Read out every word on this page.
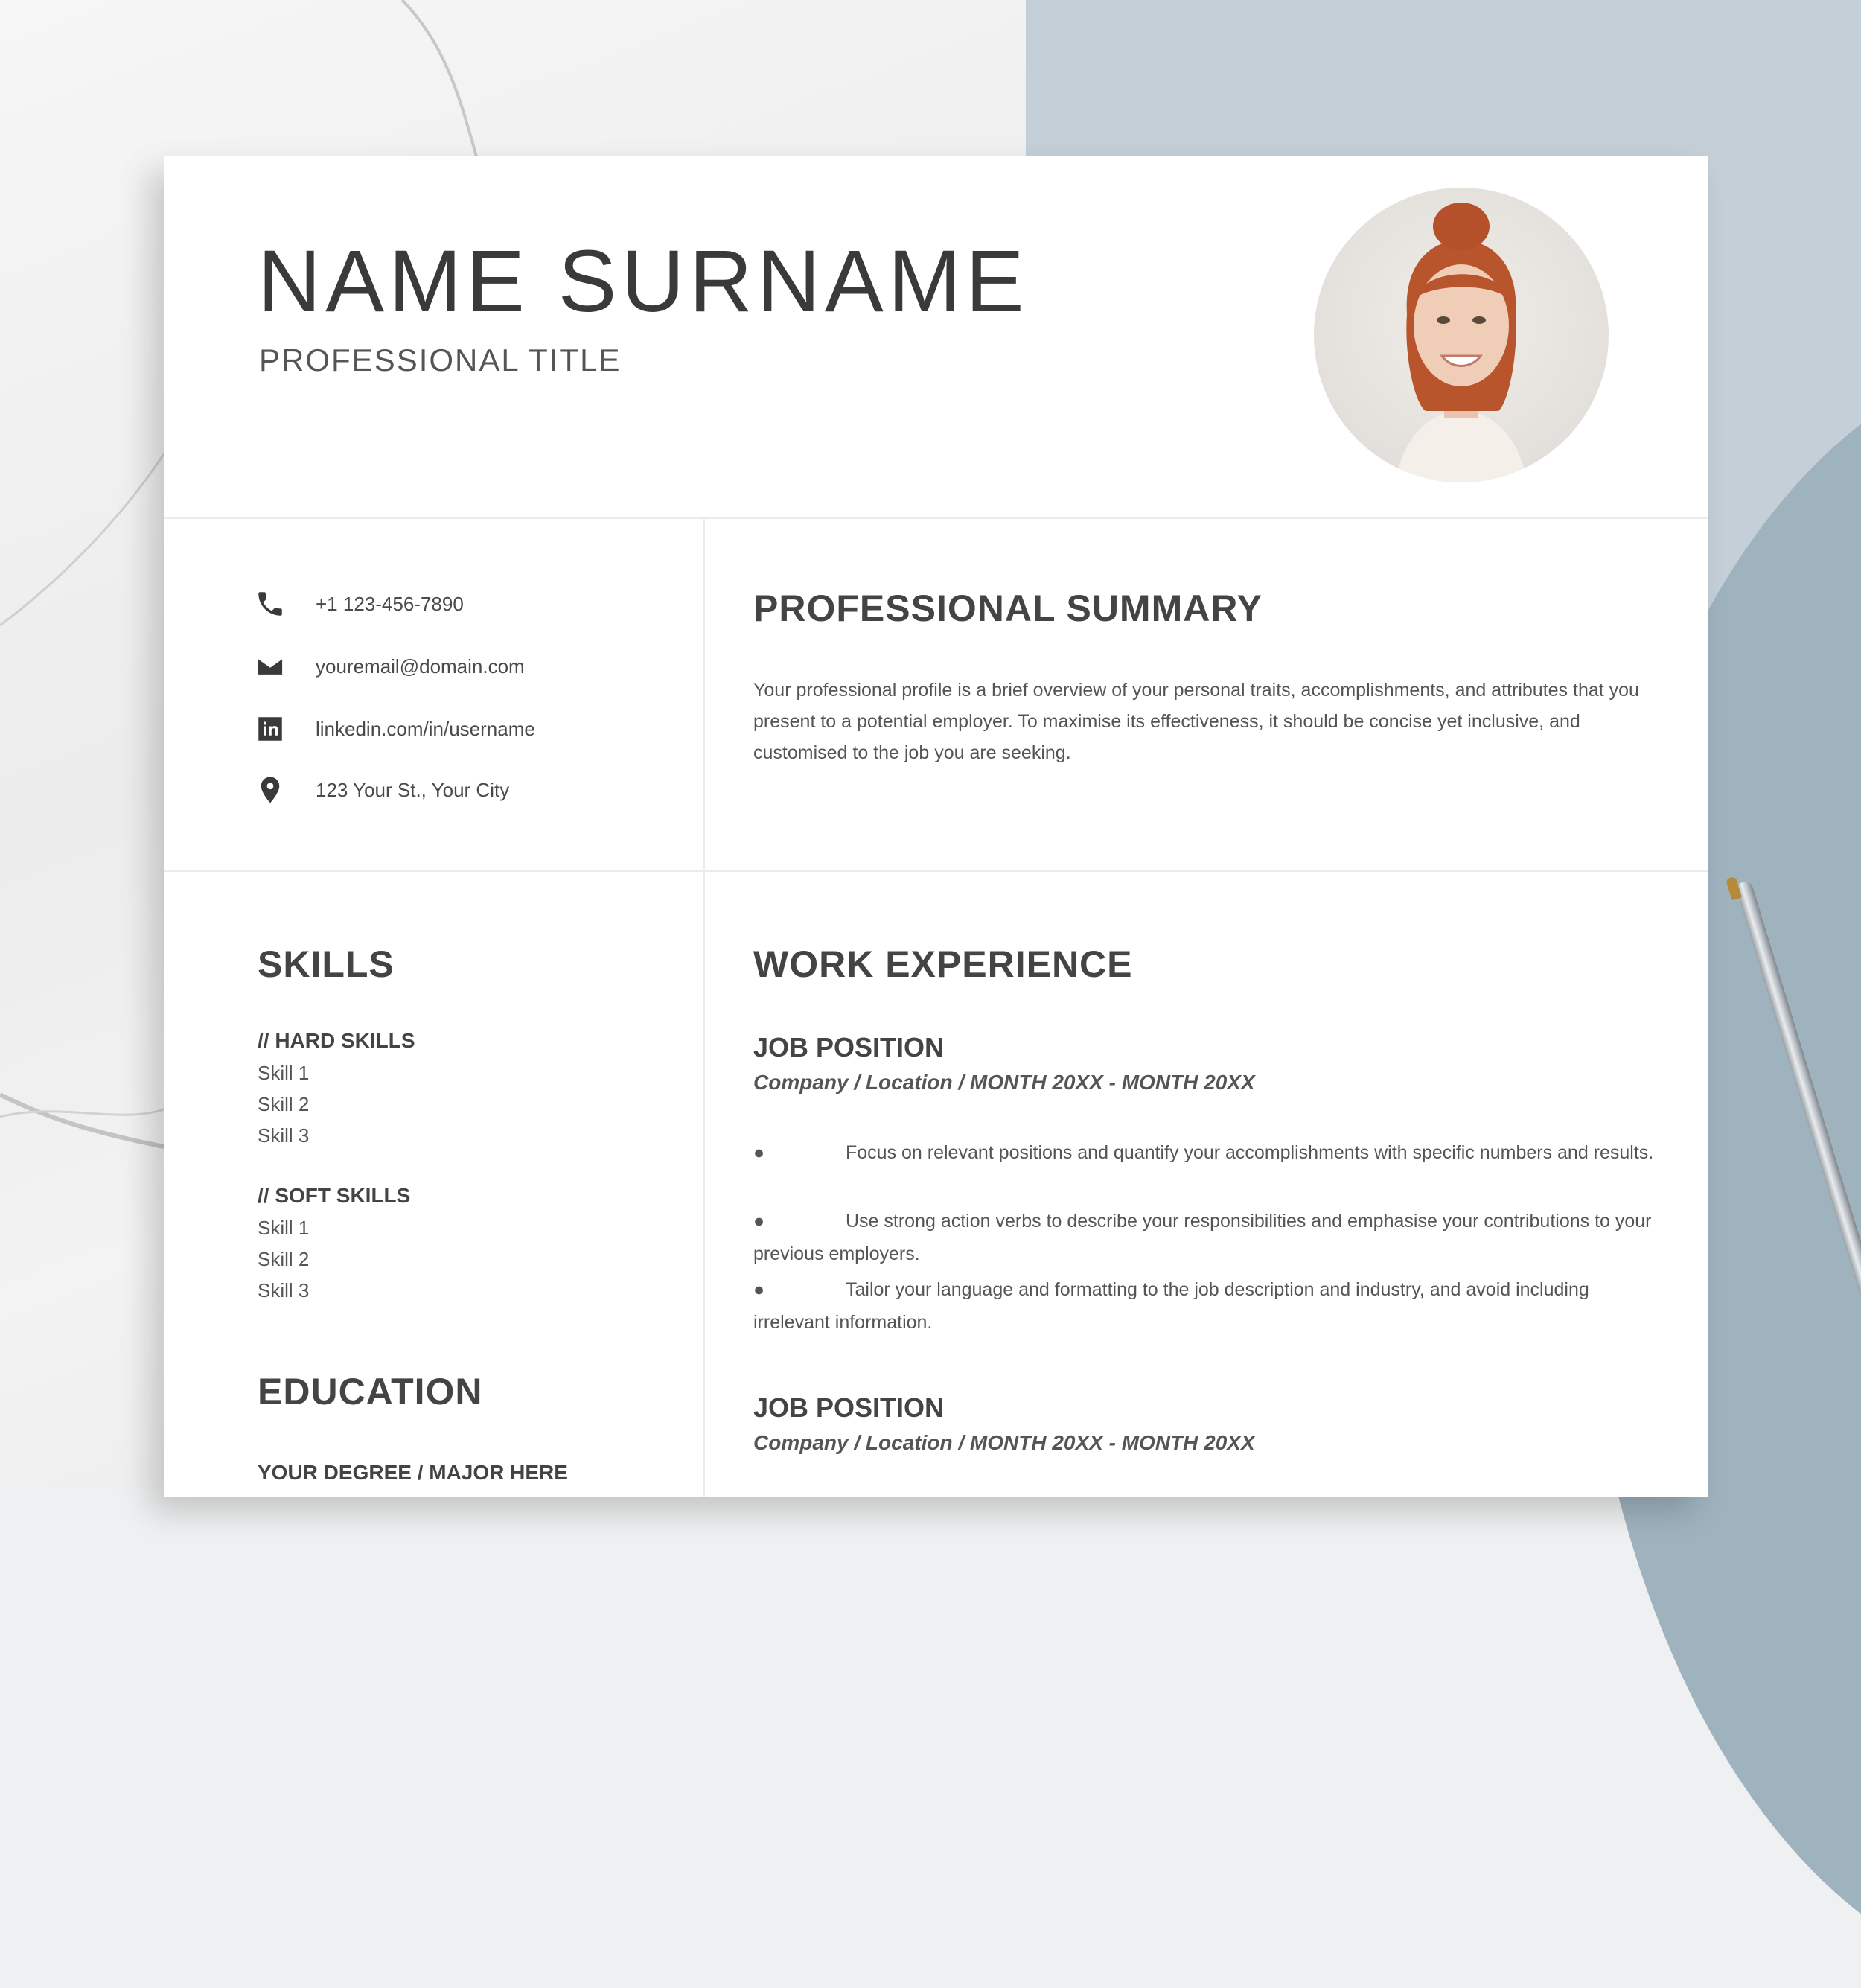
NAME SURNAME
PROFESSIONAL TITLE
+1 123-456-7890
youremail@domain.com
linkedin.com/in/username
123 Your St., Your City
PROFESSIONAL SUMMARY
Your professional profile is a brief overview of your personal traits, accomplishments, and attributes that you present to a potential employer. To maximise its effectiveness, it should be concise yet inclusive, and customised to the job you are seeking.
SKILLS
// HARD SKILLS
Skill 1
Skill 2
Skill 3
// SOFT SKILLS
Skill 1
Skill 2
Skill 3
EDUCATION
YOUR DEGREE / MAJOR HERE
WORK EXPERIENCE
JOB POSITION
Company / Location / MONTH 20XX - MONTH 20XX
●	Focus on relevant positions and quantify your accomplishments with specific numbers and results.
●	Use strong action verbs to describe your responsibilities and emphasise your contributions to your previous employers.
●	Tailor your language and formatting to the job description and industry, and avoid including irrelevant information.
JOB POSITION
Company / Location / MONTH 20XX - MONTH 20XX
